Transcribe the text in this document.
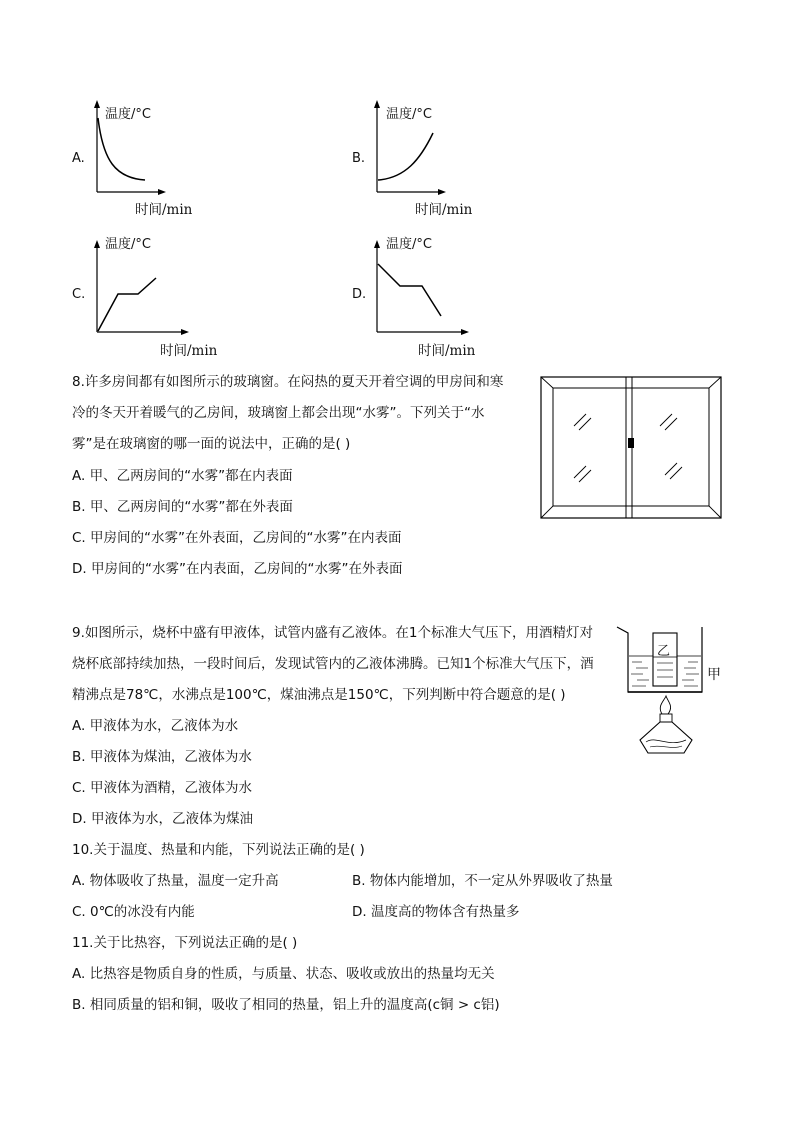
A.
温度/°C
时间/min
B.
温度/°C
时间/min
C.
温度/°C
时间/min
D.
温度/°C
时间/min
8.许多房间都有如图所示的玻璃窗。在闷热的夏天开着空调的甲房间和寒
冷的冬天开着暖气的乙房间，玻璃窗上都会出现“水雾”。下列关于“水
雾”是在玻璃窗的哪一面的说法中，正确的是( )
A. 甲、乙两房间的“水雾”都在内表面
B. 甲、乙两房间的“水雾”都在外表面
C. 甲房间的“水雾”在外表面，乙房间的“水雾”在内表面
D. 甲房间的“水雾”在内表面，乙房间的“水雾”在外表面
9.如图所示，烧杯中盛有甲液体，试管内盛有乙液体。在1个标准大气压下，用酒精灯对
烧杯底部持续加热，一段时间后，发现试管内的乙液体沸腾。已知1个标准大气压下，酒
精沸点是78℃，水沸点是100℃，煤油沸点是150℃，下列判断中符合题意的是( )
A. 甲液体为水，乙液体为水
B. 甲液体为煤油，乙液体为水
C. 甲液体为酒精，乙液体为水
D. 甲液体为水，乙液体为煤油
乙
甲
10.关于温度、热量和内能，下列说法正确的是( )
A. 物体吸收了热量，温度一定升高	B. 物体内能增加，不一定从外界吸收了热量
C. 0℃的冰没有内能	D. 温度高的物体含有热量多
11.关于比热容，下列说法正确的是( )
A. 比热容是物质自身的性质，与质量、状态、吸收或放出的热量均无关
B. 相同质量的铝和铜，吸收了相同的热量，铝上升的温度高(c铜 > c铝)
